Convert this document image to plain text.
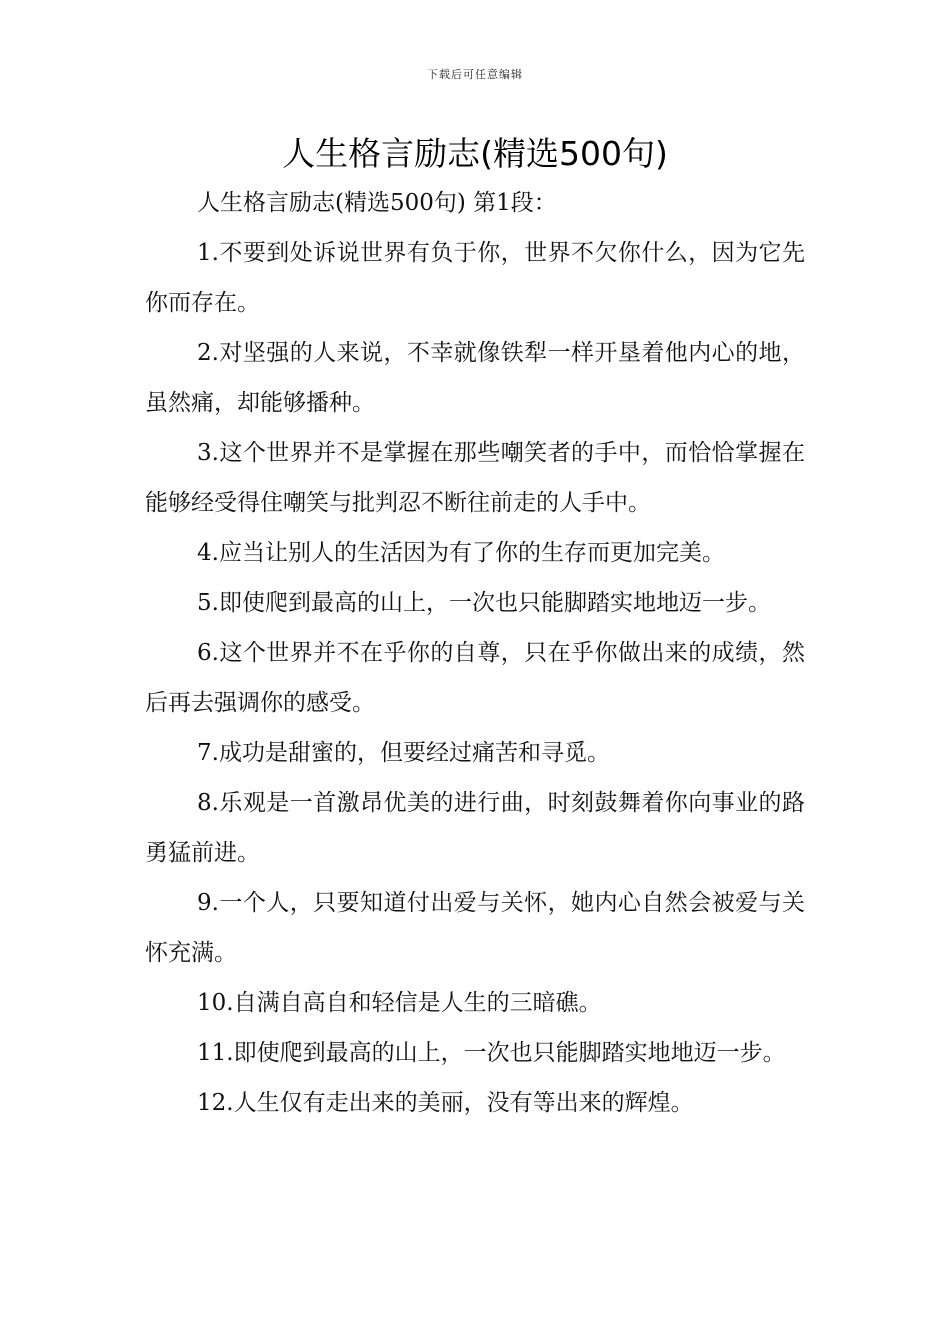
下载后可任意编辑
人生格言励志(精选500句)

人生格言励志(精选500句) 第1段：

1.不要到处诉说世界有负于你，世界不欠你什么，因为它先你而存在。

2.对坚强的人来说，不幸就像铁犁一样开垦着他内心的地，虽然痛，却能够播种。

3.这个世界并不是掌握在那些嘲笑者的手中，而恰恰掌握在能够经受得住嘲笑与批判忍不断往前走的人手中。

4.应当让别人的生活因为有了你的生存而更加完美。

5.即使爬到最高的山上，一次也只能脚踏实地地迈一步。

6.这个世界并不在乎你的自尊，只在乎你做出来的成绩，然后再去强调你的感受。

7.成功是甜蜜的，但要经过痛苦和寻觅。

8.乐观是一首激昂优美的进行曲，时刻鼓舞着你向事业的路勇猛前进。

9.一个人，只要知道付出爱与关怀，她内心自然会被爱与关怀充满。

10.自满自高自和轻信是人生的三暗礁。

11.即使爬到最高的山上，一次也只能脚踏实地地迈一步。

12.人生仅有走出来的美丽，没有等出来的辉煌。
